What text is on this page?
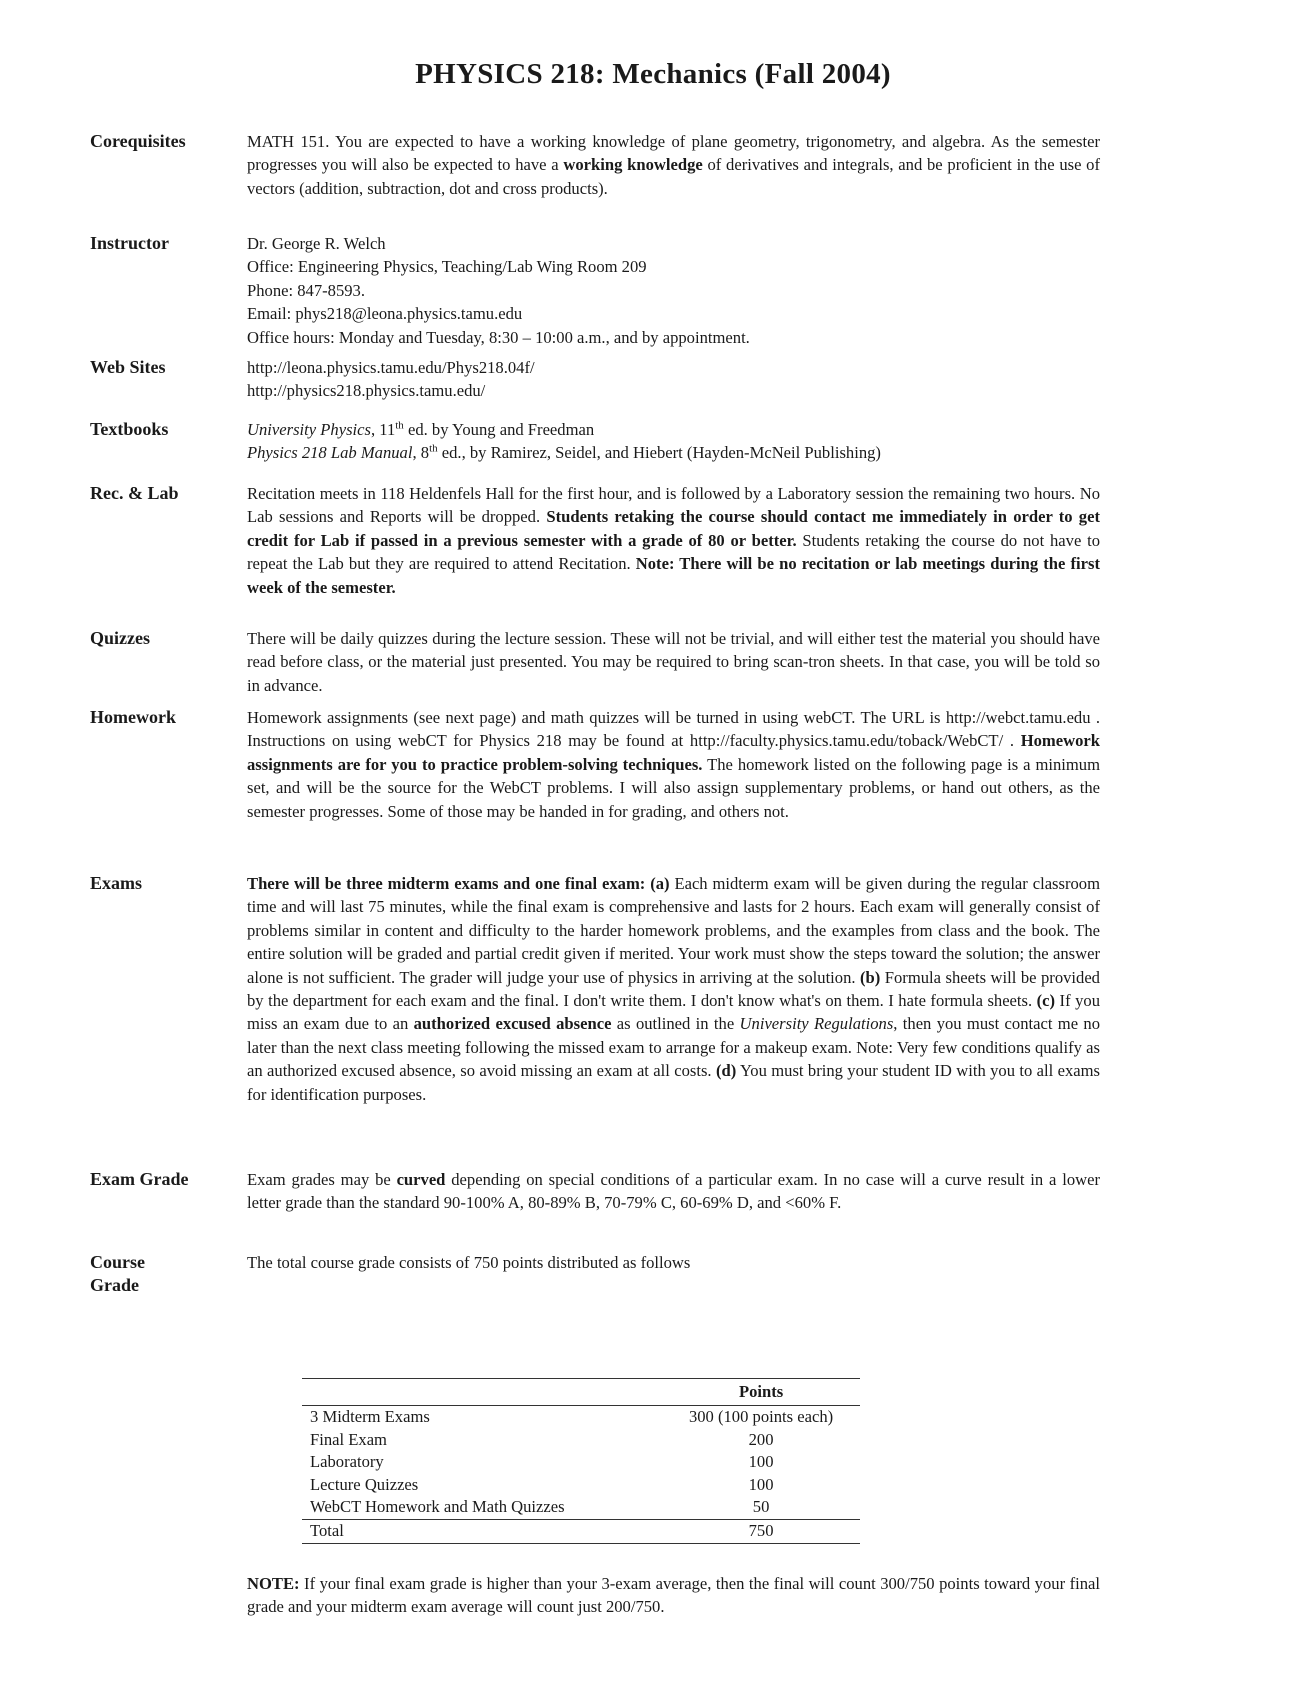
PHYSICS 218: Mechanics (Fall 2004)
Corequisites	MATH 151. You are expected to have a working knowledge of plane geometry, trigonometry, and algebra. As the semester progresses you will also be expected to have a working knowledge of derivatives and integrals, and be proficient in the use of vectors (addition, subtraction, dot and cross products).
Instructor	Dr. George R. Welch
Office: Engineering Physics, Teaching/Lab Wing Room 209
Phone: 847-8593.
Email: phys218@leona.physics.tamu.edu
Office hours: Monday and Tuesday, 8:30 – 10:00 a.m., and by appointment.
Web Sites	http://leona.physics.tamu.edu/Phys218.04f/
http://physics218.physics.tamu.edu/
Textbooks	University Physics, 11th ed. by Young and Freedman
Physics 218 Lab Manual, 8th ed., by Ramirez, Seidel, and Hiebert (Hayden-McNeil Publishing)
Rec. & Lab	Recitation meets in 118 Heldenfels Hall for the first hour, and is followed by a Laboratory session the remaining two hours. No Lab sessions and Reports will be dropped. Students retaking the course should contact me immediately in order to get credit for Lab if passed in a previous semester with a grade of 80 or better. Students retaking the course do not have to repeat the Lab but they are required to attend Recitation. Note: There will be no recitation or lab meetings during the first week of the semester.
Quizzes	There will be daily quizzes during the lecture session. These will not be trivial, and will either test the material you should have read before class, or the material just presented. You may be required to bring scan-tron sheets. In that case, you will be told so in advance.
Homework	Homework assignments (see next page) and math quizzes will be turned in using webCT. The URL is http://webct.tamu.edu . Instructions on using webCT for Physics 218 may be found at http://faculty.physics.tamu.edu/toback/WebCT/ . Homework assignments are for you to practice problem-solving techniques. The homework listed on the following page is a minimum set, and will be the source for the WebCT problems. I will also assign supplementary problems, or hand out others, as the semester progresses. Some of those may be handed in for grading, and others not.
Exams	There will be three midterm exams and one final exam: (a) Each midterm exam will be given during the regular classroom time and will last 75 minutes, while the final exam is comprehensive and lasts for 2 hours. Each exam will generally consist of problems similar in content and difficulty to the harder homework problems, and the examples from class and the book. The entire solution will be graded and partial credit given if merited. Your work must show the steps toward the solution; the answer alone is not sufficient. The grader will judge your use of physics in arriving at the solution. (b) Formula sheets will be provided by the department for each exam and the final. I don't write them. I don't know what's on them. I hate formula sheets. (c) If you miss an exam due to an authorized excused absence as outlined in the University Regulations, then you must contact me no later than the next class meeting following the missed exam to arrange for a makeup exam. Note: Very few conditions qualify as an authorized excused absence, so avoid missing an exam at all costs. (d) You must bring your student ID with you to all exams for identification purposes.
Exam Grade	Exam grades may be curved depending on special conditions of a particular exam. In no case will a curve result in a lower letter grade than the standard 90-100% A, 80-89% B, 70-79% C, 60-69% D, and <60% F.
Course
Grade
The total course grade consists of 750 points distributed as follows
	Points
3 Midterm Exams	300 (100 points each)
Final Exam	200
Laboratory	100
Lecture Quizzes	100
WebCT Homework and Math Quizzes	50
Total	750
NOTE: If your final exam grade is higher than your 3-exam average, then the final will count 300/750 points toward your final grade and your midterm exam average will count just 200/750.
